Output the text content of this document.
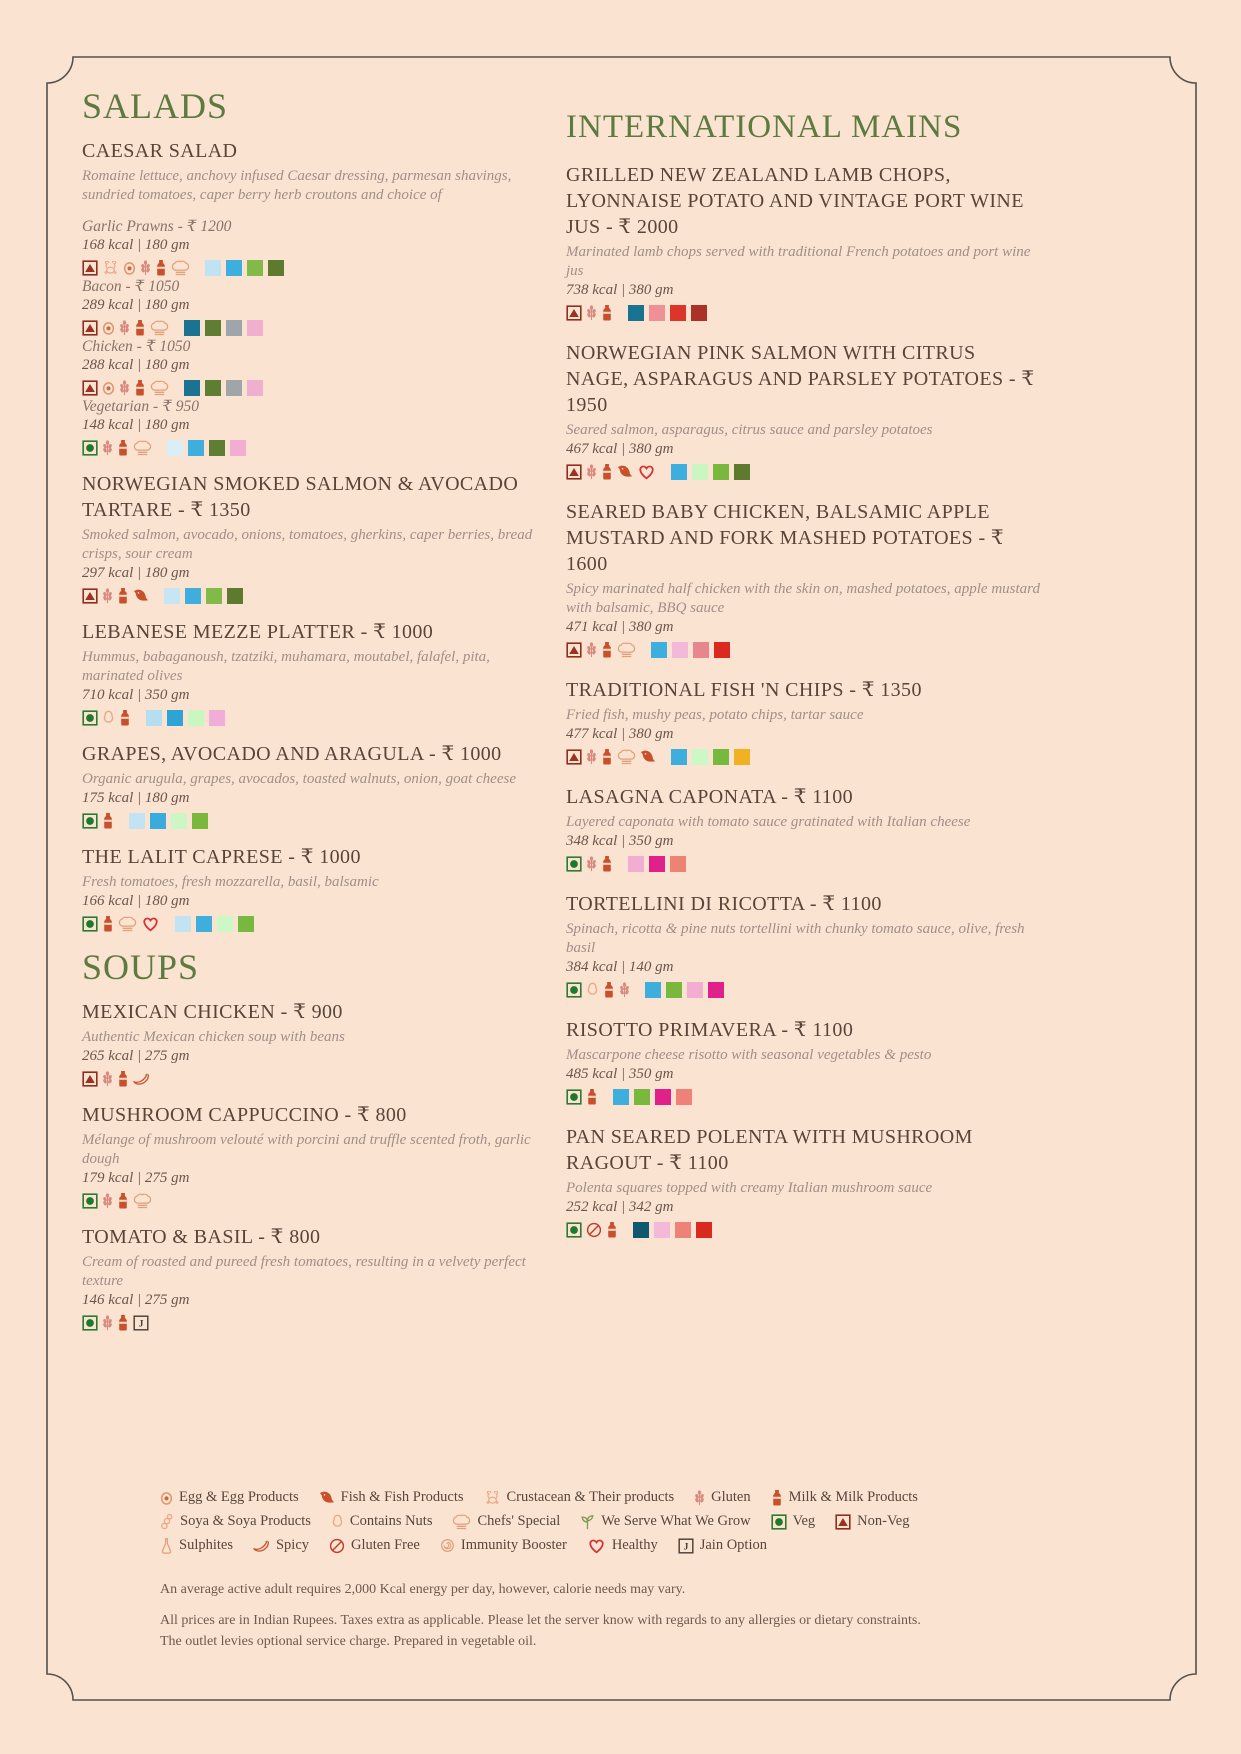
SALADS
CAESAR SALAD

Romaine lettuce, anchovy infused Caesar dressing, parmesan shavings, sundried tomatoes, caper berry herb croutons and choice of

Garlic Prawns - ₹ 1200

168 kcal | 180 gm

Bacon - ₹ 1050

289 kcal | 180 gm

Chicken - ₹ 1050

288 kcal | 180 gm

Vegetarian - ₹ 950

148 kcal | 180 gm

NORWEGIAN SMOKED SALMON & AVOCADO TARTARE - ₹ 1350

Smoked salmon, avocado, onions, tomatoes, gherkins, caper berries, bread crisps, sour cream

297 kcal | 180 gm

LEBANESE MEZZE PLATTER - ₹ 1000

Hummus, babaganoush, tzatziki, muhamara, moutabel, falafel, pita, marinated olives

710 kcal | 350 gm

GRAPES, AVOCADO AND ARAGULA - ₹ 1000

Organic arugula, grapes, avocados, toasted walnuts, onion, goat cheese

175 kcal | 180 gm

THE LALIT CAPRESE - ₹ 1000

Fresh tomatoes, fresh mozzarella, basil, balsamic

166 kcal | 180 gm

SOUPS
MEXICAN CHICKEN - ₹ 900

Authentic Mexican chicken soup with beans

265 kcal | 275 gm

MUSHROOM CAPPUCCINO - ₹ 800

Mélange of mushroom velouté with porcini and truffle scented froth, garlic dough

179 kcal | 275 gm

TOMATO & BASIL - ₹ 800

Cream of roasted and pureed fresh tomatoes, resulting in a velvety perfect texture

146 kcal | 275 gm

J
INTERNATIONAL MAINS
GRILLED NEW ZEALAND LAMB CHOPS, LYONNAISE POTATO AND VINTAGE PORT WINE JUS - ₹ 2000

Marinated lamb chops served with traditional French potatoes and port wine jus

738 kcal | 380 gm

NORWEGIAN PINK SALMON WITH CITRUS NAGE, ASPARAGUS AND PARSLEY POTATOES - ₹ 1950

Seared salmon, asparagus, citrus sauce and parsley potatoes

467 kcal | 380 gm

SEARED BABY CHICKEN, BALSAMIC APPLE MUSTARD AND FORK MASHED POTATOES - ₹ 1600

Spicy marinated half chicken with the skin on, mashed potatoes, apple mustard with balsamic, BBQ sauce

471 kcal | 380 gm

TRADITIONAL FISH 'N CHIPS - ₹ 1350

Fried fish, mushy peas, potato chips, tartar sauce

477 kcal | 380 gm

LASAGNA CAPONATA - ₹ 1100

Layered caponata with tomato sauce gratinated with Italian cheese

348 kcal | 350 gm

TORTELLINI DI RICOTTA - ₹ 1100

Spinach, ricotta & pine nuts tortellini with chunky tomato sauce, olive, fresh basil

384 kcal | 140 gm

RISOTTO PRIMAVERA - ₹ 1100

Mascarpone cheese risotto with seasonal vegetables & pesto

485 kcal | 350 gm

PAN SEARED POLENTA WITH MUSHROOM RAGOUT - ₹ 1100

Polenta squares topped with creamy Italian mushroom sauce

252 kcal | 342 gm

Egg & Egg Products	Fish & Fish Products	Crustacean & Their products	Gluten	Milk & Milk Products
Soya & Soya Products	Contains Nuts	Chefs' Special	We Serve What We Grow	Veg	Non-Veg
Sulphites	Spicy	Gluten Free	Immunity Booster	Healthy J Jain Option

An average active adult requires 2,000 Kcal energy per day, however, calorie needs may vary.

All prices are in Indian Rupees. Taxes extra as applicable. Please let the server know with regards to any allergies or dietary constraints.

The outlet levies optional service charge. Prepared in vegetable oil.
